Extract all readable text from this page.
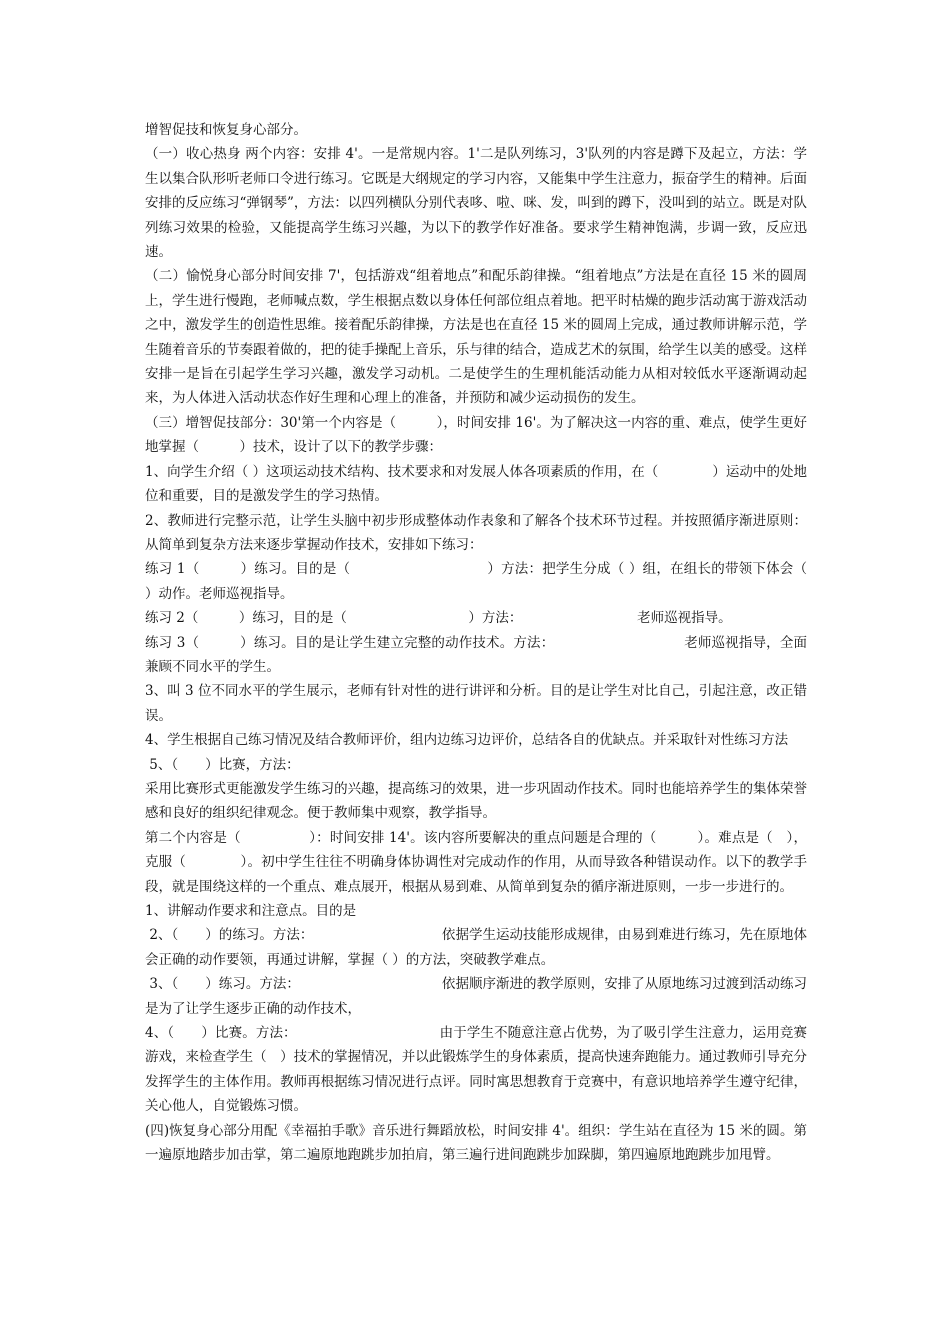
增智促技和恢复身心部分。

（一）收心热身 两个内容：安排 4'。一是常规内容。1'二是队列练习，3'队列的内容是蹲下及起立，方法：学生以集合队形听老师口令进行练习。它既是大纲规定的学习内容，又能集中学生注意力，振奋学生的精神。后面安排的反应练习“弹钢琴”，方法：以四列横队分别代表哆、啦、咪、发，叫到的蹲下，没叫到的站立。既是对队列练习效果的检验，又能提高学生练习兴趣，为以下的教学作好准备。要求学生精神饱满，步调一致，反应迅速。

（二）愉悦身心部分时间安排 7'，包括游戏“组着地点”和配乐韵律操。“组着地点”方法是在直径 15 米的圆周上，学生进行慢跑，老师喊点数，学生根据点数以身体任何部位组点着地。把平时枯燥的跑步活动寓于游戏活动之中，激发学生的创造性思维。接着配乐韵律操，方法是也在直径 15 米的圆周上完成，通过教师讲解示范，学生随着音乐的节奏跟着做的，把的徒手操配上音乐，乐与律的结合，造成艺术的氛围，给学生以美的感受。这样安排一是旨在引起学生学习兴趣，激发学习动机。二是使学生的生理机能活动能力从相对较低水平逐渐调动起来，为人体进入活动状态作好生理和心理上的准备，并预防和减少运动损伤的发生。

（三）增智促技部分：30'第一个内容是（　　　），时间安排 16'。为了解决这一内容的重、难点，使学生更好地掌握（　　　）技术，设计了以下的教学步骤：

1、向学生介绍（ ）这项运动技术结构、技术要求和对发展人体各项素质的作用，在（　　　　）运动中的处地位和重要，目的是激发学生的学习热情。

2、教师进行完整示范，让学生头脑中初步形成整体动作表象和了解各个技术环节过程。并按照循序渐进原则：从简单到复杂方法来逐步掌握动作技术，安排如下练习：

练习 1（　　　）练习。目的是（　　　　　　　　　　）方法：把学生分成（ ）组，在组长的带领下体会（ ）动作。老师巡视指导。

练习 2（　　　）练习，目的是（　　　　　　　　　）方法：　　　　　　　　　老师巡视指导。

练习 3（　　　）练习。目的是让学生建立完整的动作技术。方法：　　　　　　　　　　老师巡视指导，全面兼顾不同水平的学生。

3、叫 3 位不同水平的学生展示，老师有针对性的进行讲评和分析。目的是让学生对比自己，引起注意，改正错误。

4、学生根据自己练习情况及结合教师评价，组内边练习边评价，总结各自的优缺点。并采取针对性练习方法

5、（　　）比赛，方法：

采用比赛形式更能激发学生练习的兴趣，提高练习的效果，进一步巩固动作技术。同时也能培养学生的集体荣誉感和良好的组织纪律观念。便于教师集中观察，教学指导。

第二个内容是（　　　　　）：时间安排 14'。该内容所要解决的重点问题是合理的（　　　）。难点是（　），克服（　　　　）。初中学生往往不明确身体协调性对完成动作的作用，从而导致各种错误动作。以下的教学手段，就是围绕这样的一个重点、难点展开，根据从易到难、从简单到复杂的循序渐进原则，一步一步进行的。

1、讲解动作要求和注意点。目的是

2、（　　）的练习。方法：　　　　　　　　　　依据学生运动技能形成规律，由易到难进行练习，先在原地体会正确的动作要领，再通过讲解，掌握（ ）的方法，突破教学难点。

3、（　　）练习。方法：　　　　　　　　　　　依据顺序渐进的教学原则，安排了从原地练习过渡到活动练习是为了让学生逐步正确的动作技术，

4、（　　）比赛。方法：　　　　　　　　　　　由于学生不随意注意占优势，为了吸引学生注意力，运用竞赛游戏，来检查学生（　）技术的掌握情况，并以此锻炼学生的身体素质，提高快速奔跑能力。通过教师引导充分发挥学生的主体作用。教师再根据练习情况进行点评。同时寓思想教育于竞赛中，有意识地培养学生遵守纪律，关心他人，自觉锻炼习惯。

(四)恢复身心部分用配《幸福拍手歌》音乐进行舞蹈放松，时间安排 4'。组织：学生站在直径为 15 米的圆。第一遍原地踏步加击掌，第二遍原地跑跳步加拍肩，第三遍行进间跑跳步加跺脚，第四遍原地跑跳步加甩臂。
